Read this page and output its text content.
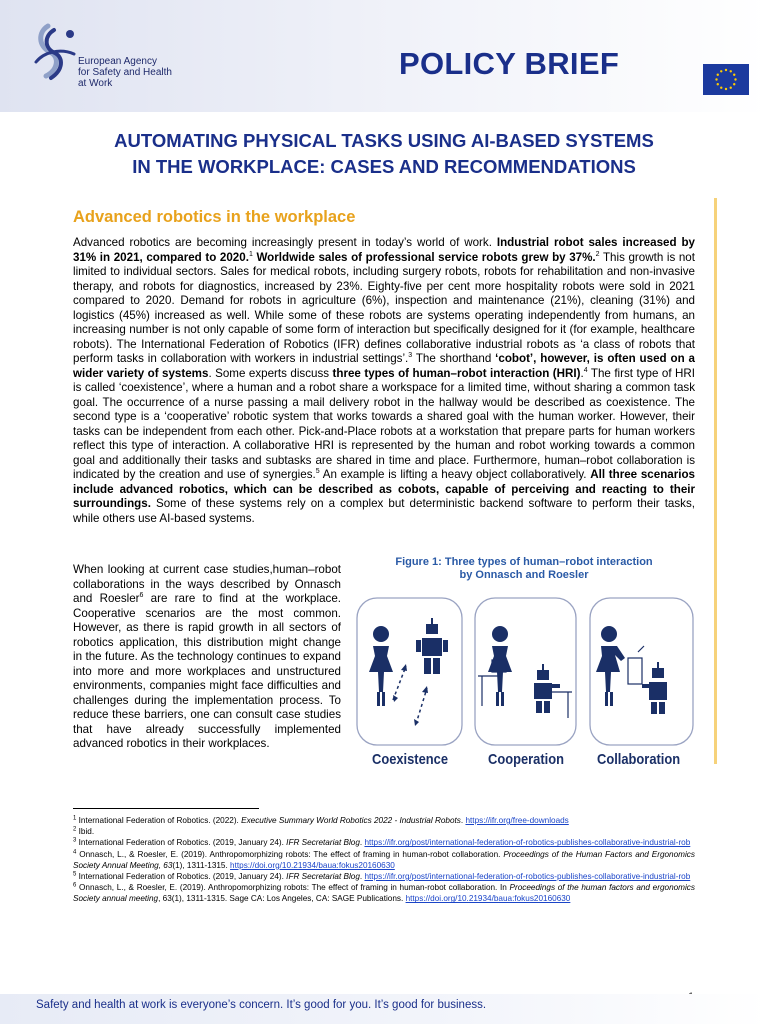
European Agency
for Safety and Health
at Work
POLICY BRIEF
AUTOMATING PHYSICAL TASKS USING AI-BASED SYSTEMS
IN THE WORKPLACE: CASES AND RECOMMENDATIONS
Advanced robotics in the workplace
Advanced robotics are becoming increasingly present in today’s world of work. Industrial robot sales increased by 31% in 2021, compared to 2020.$^1$ Worldwide sales of professional service robots grew by 37%.$^2$ This growth is not limited to individual sectors. Sales for medical robots, including surgery robots, robots for rehabilitation and non-invasive therapy, and robots for diagnostics, increased by 23%. Eighty-five per cent more hospitality robots were sold in 2021 compared to 2020. Demand for robots in agriculture (6%), inspection and maintenance (21%), cleaning (31%) and logistics (45%) increased as well. While some of these robots are systems operating independently from humans, an increasing number is not only capable of some form of interaction but specifically designed for it (for example, healthcare robots). The International Federation of Robotics (IFR) defines collaborative industrial robots as ‘a class of robots that perform tasks in collaboration with workers in industrial settings’.$^3$ The shorthand ‘cobot’, however, is often used on a wider variety of systems. Some experts discuss three types of human–robot interaction (HRI).$^4$ The first type of HRI is called ‘coexistence’, where a human and a robot share a workspace for a limited time, without sharing a common task goal. The occurrence of a nurse passing a mail delivery robot in the hallway would be described as coexistence. The second type is a ‘cooperative’ robotic system that works towards a shared goal with the human worker. However, their tasks can be independent from each other. Pick-and-Place robots at a workstation that prepare parts for human workers reflect this type of interaction. A collaborative HRI is represented by the human and robot working towards a common goal and additionally their tasks and subtasks are shared in time and place. Furthermore, human–robot collaboration is indicated by the creation and use of synergies.$^5$ An example is lifting a heavy object collaboratively. All three scenarios include advanced robotics, which can be described as cobots, capable of perceiving and reacting to their surroundings. Some of these systems rely on a complex but deterministic backend software to perform their tasks, while others use AI-based systems.
When looking at current case studies,human–robot collaborations in the ways described by Onnasch and Roesler$^6$ are rare to find at the workplace. Cooperative scenarios are the most common. However, as there is rapid growth in all sectors of robotics application, this distribution might change in the future. As the technology continues to expand into more and more workplaces and unstructured environments, companies might face difficulties and challenges during the implementation process. To reduce these barriers, one can consult case studies that have already successfully implemented advanced robotics in their workplaces.
Figure 1: Three types of human–robot interaction
by Onnasch and Roesler
Coexistence	Cooperation Collaboration
$^1$ International Federation of Robotics. (2022). Executive Summary World Robotics 2022 - Industrial Robots. https://ifr.org/free-downloads
$^2$ Ibid.
$^3$ International Federation of Robotics. (2019, January 24). IFR Secretariat Blog. https://ifr.org/post/international-federation-of-robotics-publishes-collaborative-industrial-rob
$^4$ Onnasch, L., & Roesler, E. (2019). Anthropomorphizing robots: The effect of framing in human-robot collaboration. Proceedings of the Human Factors and Ergonomics Society Annual Meeting, 63(1), 1311-1315. https://doi.org/10.21934/baua:fokus20160630
$^5$ International Federation of Robotics. (2019, January 24). IFR Secretariat Blog. https://ifr.org/post/international-federation-of-robotics-publishes-collaborative-industrial-rob
$^6$ Onnasch, L., & Roesler, E. (2019). Anthropomorphizing robots: The effect of framing in human-robot collaboration. In Proceedings of the human factors and ergonomics Society annual meeting, 63(1), 1311-1315. Sage CA: Los Angeles, CA: SAGE Publications. https://doi.org/10.21934/baua:fokus20160630
Safety and health at work is everyone’s concern. It’s good for you. It’s good for business.
